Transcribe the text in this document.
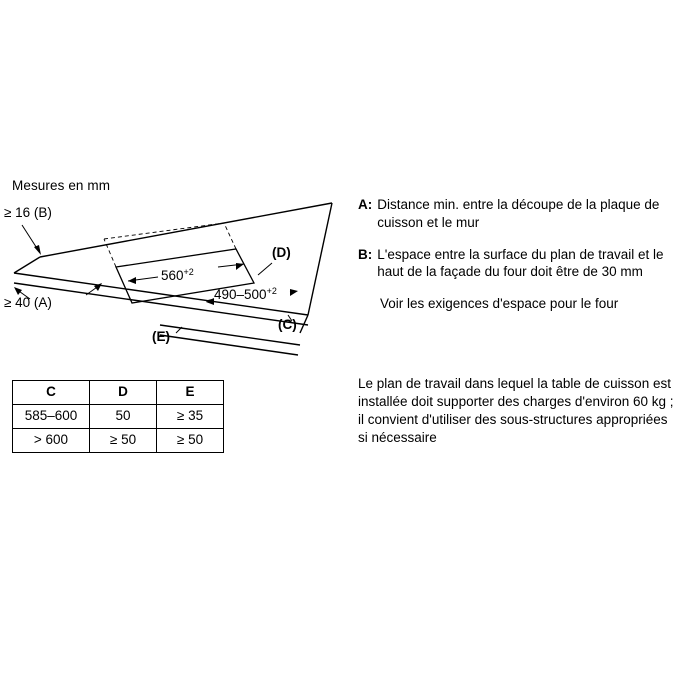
Mesures en mm
$560^{+2}$
$490-500^{+2}$
≥ 16 (B)
≥ 40 (A)
(D)
(C)
(E)
C	D	E
585–600	50	≥ 35
> 600	≥ 50	≥ 50
A: Distance min. entre la découpe de la plaque de cuisson et le mur
B: L'espace entre la surface du plan de travail et le haut de la façade du four doit être de 30 mm
Voir les exigences d'espace pour le four
Le plan de travail dans lequel la table de cuisson est installée doit supporter des charges d'environ 60 kg ; il convient d'utiliser des sous-structures appropriées si nécessaire
